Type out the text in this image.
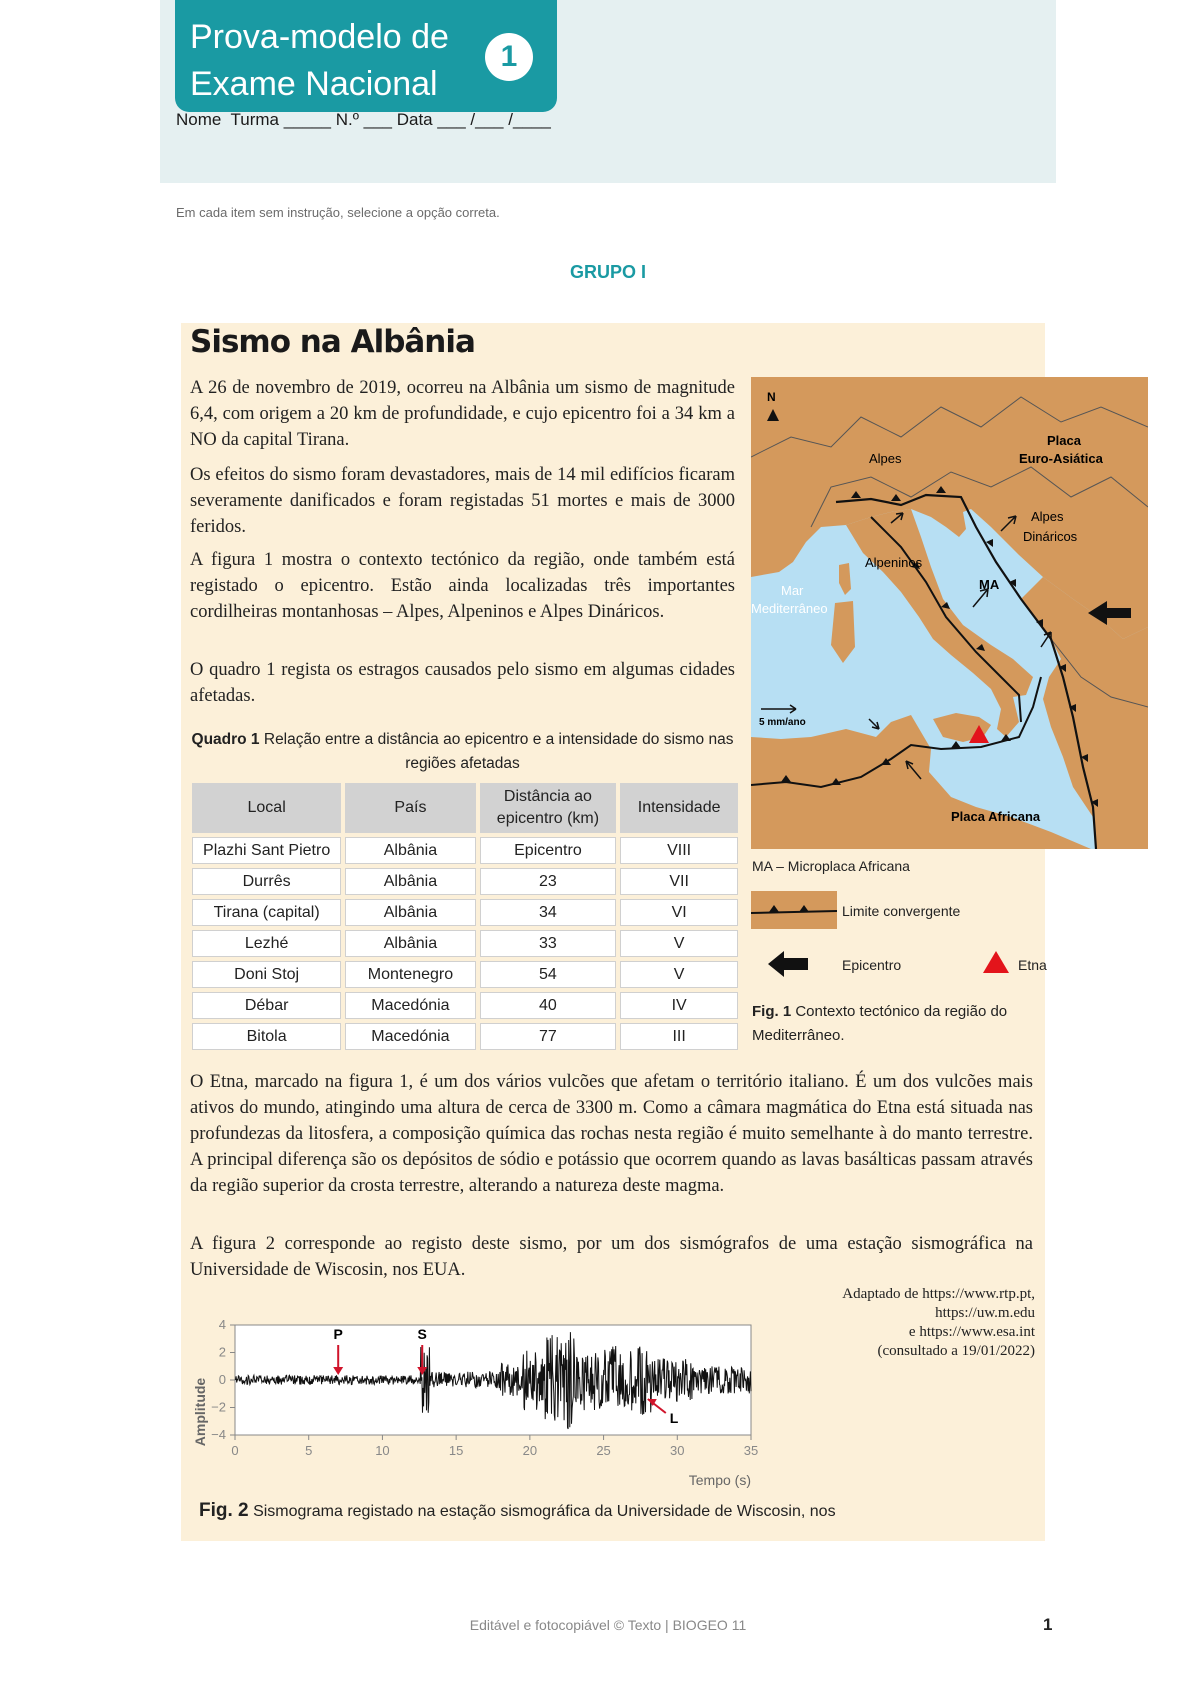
Prova-modelo de
Exame Nacional
1
Nome  Turma _____ N.º ___ Data ___ /___ /____
Em cada item sem instrução, selecione a opção correta.
GRUPO I
Sismo na Albânia
A 26 de novembro de 2019, ocorreu na Albânia um sismo de magnitude 6,4, com origem a 20 km de profundidade, e cujo epicentro foi a 34 km a NO da capital Tirana.
Os efeitos do sismo foram devastadores, mais de 14 mil edifícios ficaram severamente danificados e foram registadas 51 mortes e mais de 3000 feridos.
A figura 1 mostra o contexto tectónico da região, onde também está registado o epicentro. Estão ainda localizadas três importantes cordilheiras montanhosas – Alpes, Alpeninos e Alpes Dináricos.
O quadro 1 regista os estragos causados pelo sismo em algumas cidades afetadas.
Quadro 1 Relação entre a distância ao epicentro e a intensidade do sismo nas regiões afetadas
Local	País	Distância ao epicentro (km)	Intensidade
Plazhi Sant Pietro	Albânia	Epicentro	VIII
Durrês	Albânia	23	VII
Tirana (capital)	Albânia	34	VI
Lezhé	Albânia	33	V
Doni Stoj	Montenegro	54	V
Débar	Macedónia	40	IV
Bitola	Macedónia	77	III
N
Placa
Euro-Asiática
Alpes
Alpes
Dináricos
Alpeninos
MA
Mar
Mediterrâneo
5 mm/ano
Placa Africana
MA – Microplaca Africana
Limite convergente
Epicentro	Etna
Fig. 1 Contexto tectónico da região do Mediterrâneo.
O Etna, marcado na figura 1, é um dos vários vulcões que afetam o território italiano. É um dos vulcões mais ativos do mundo, atingindo uma altura de cerca de 3300 m. Como a câmara magmática do Etna está situada nas profundezas da litosfera, a composição química das rochas nesta região é muito semelhante à do manto terrestre. A principal diferença são os depósitos de sódio e potássio que ocorrem quando as lavas basálticas passam através da região superior da crosta terrestre, alterando a natureza deste magma.
A figura 2 corresponde ao registo deste sismo, por um dos sismógrafos de uma estação sismográfica na Universidade de Wiscosin, nos EUA.
Adaptado de https://www.rtp.pt,
https://uw.m.edu
e https://www.esa.int
(consultado a 19/01/2022)
Amplitude
Tempo (s)
4
2
0
−2
−4
0	5	10	15	20	25	30	35
P	S
L
Fig. 2 Sismograma registado na estação sismográfica da Universidade de Wiscosin, nos
Editável e fotocopiável © Texto | BIOGEO 11	1
